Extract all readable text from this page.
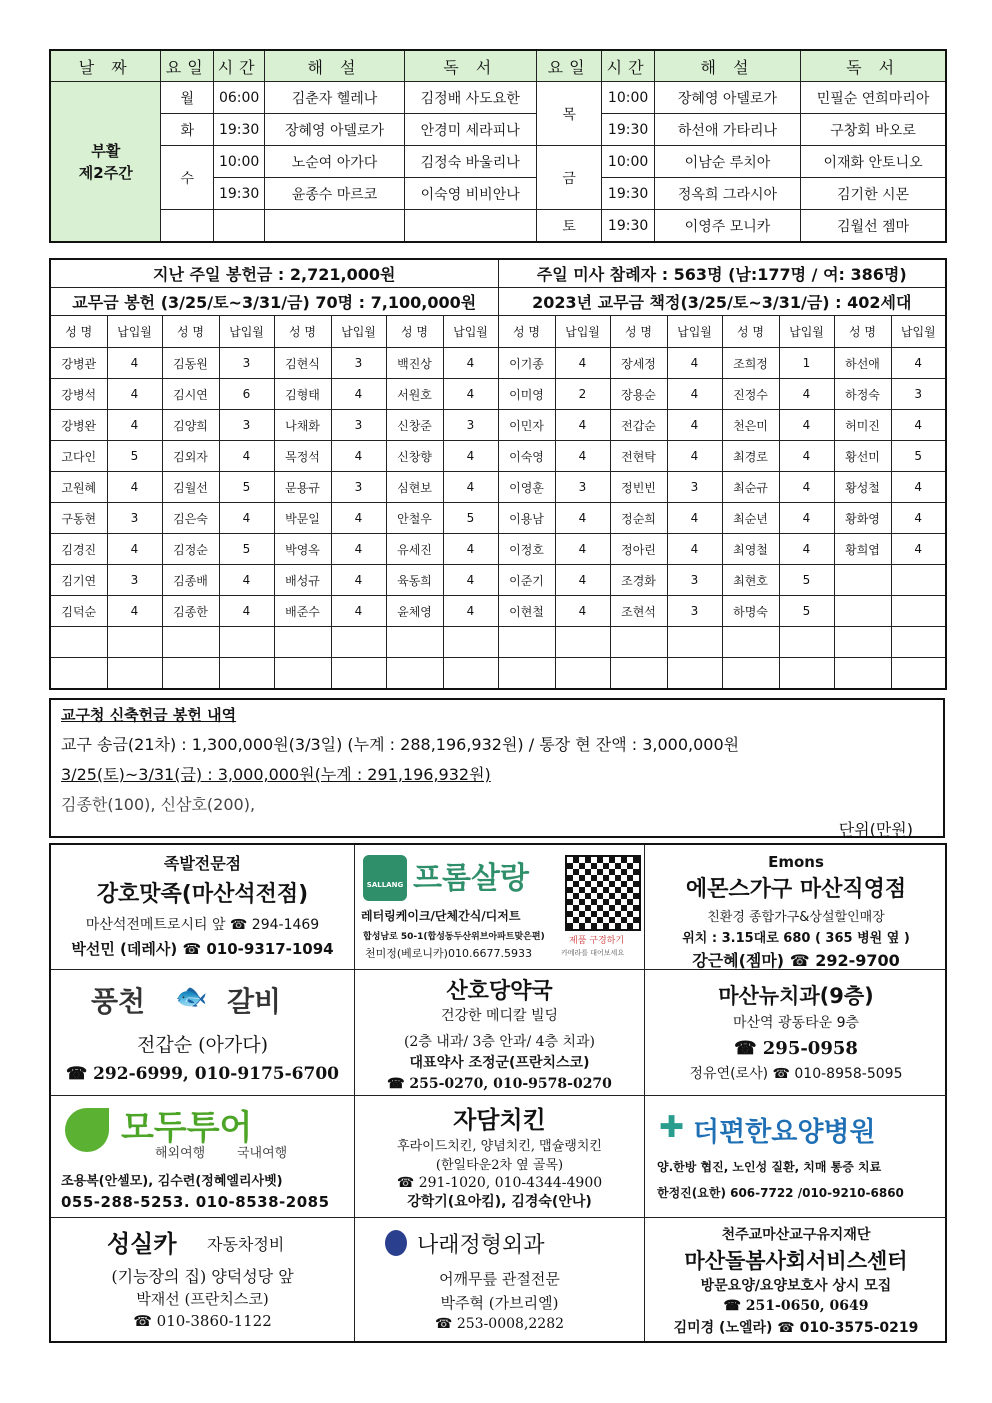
날 짜	요일	시간	해 설	독 서	요일	시간	해 설	독 서
부활
제2주간	월	06:00	김춘자 헬레나	김정배 사도요한	목	10:00	장혜영 아델로가	민필순 연희마리아
	화	19:30	장혜영 아델로가	안경미 세라피나		19:30	하선애 가타리나	구창회 바오로
	수	10:00	노순여 아가다	김정숙 바울리나	금	10:00	이남순 루치아	이재화 안토니오
		19:30	윤종수 마르코	이숙영 비비안나		19:30	정옥희 그라시아	김기한 시몬
					토	19:30	이영주 모니카	김월선 젬마
지난 주일 봉헌금 : 2,721,000원								주일 미사 참례자 : 563명 (남:177명 / 여: 386명)							
교무금 봉헌 (3/25/토~3/31/금) 70명 : 7,100,000원								2023년 교무금 책정(3/25/토~3/31/금) : 402세대							
성 명	납입월	성 명	납입월	성 명	납입월	성 명	납입월	성 명	납입월	성 명	납입월	성 명	납입월	성 명	납입월
강병관	4	김동원	3	김현식	3	백진상	4	이기종	4	장세정	4	조희정	1	하선애	4
강병석	4	김시연	6	김형태	4	서원호	4	이미영	2	장용순	4	진정수	4	하정숙	3
강병완	4	김양희	3	나채화	3	신창준	3	이민자	4	전갑순	4	천은미	4	허미진	4
고다인	5	김외자	4	목정석	4	신창향	4	이숙영	4	전현탁	4	최경로	4	황선미	5
고원혜	4	김월선	5	문용규	3	심현보	4	이영훈	3	정빈빈	3	최순규	4	황성철	4
구동현	3	김은숙	4	박문일	4	안철우	5	이용남	4	정순희	4	최순년	4	황화영	4
김경진	4	김정순	5	박영옥	4	유세진	4	이정호	4	정아린	4	최영철	4	황희엽	4
김기연	3	김종배	4	배성규	4	육동희	4	이준기	4	조경화	3	최현호	5		
김덕순	4	김종한	4	배준수	4	윤체영	4	이현철	4	조현석	3	하명숙	5		

교구청 신축헌금 봉헌 내역
교구 송금(21차) : 1,300,000원(3/3일) (누계 : 288,196,932원) / 통장 현 잔액 : 3,000,000원
3/25(토)~3/31(금) : 3,000,000원(누계 : 291,196,932원)
김종한(100), 신삼호(200),
단위(만원)
족발전문점
강호맛족(마산석전점)
마산석전메트로시티 앞 ☎ 294-1469
박선민 (데레사) ☎ 010-9317-1094
SALLANG 프롬살랑
레터링케이크/단체간식/디저트
합성남로 50-1(합성동두산위브아파트맞은편)
천미정(베로니카)010.6677.5933
제품 구경하기
카메라를 대어보세요
Emons
에몬스가구 마산직영점
친환경 종합가구&상설할인매장
위치 : 3.15대로 680 ( 365 병원 옆 )
강근혜(젬마) ☎ 292-9700
풍천 🐟 갈비
전갑순 (아가다)
☎ 292-6999, 010-9175-6700
산호당약국
건강한 메디칼 빌딩
(2층 내과/ 3층 안과/ 4층 치과)
대표약사 조정군(프란치스코)
☎ 255-0270, 010-9578-0270
마산뉴치과(9층)
마산역 광동타운 9층
☎ 295-0958
정유연(로사) ☎ 010-8958-5095
모두투어
해외여행 국내여행
조용복(안셀모), 김수련(정혜엘리사벳)
055-288-5253. 010-8538-2085
자담치킨
후라이드치킨, 양념치킨, 맵슐랭치킨
(한일타운2차 옆 골목)
☎ 291-1020, 010-4344-4900
강학기(요아킴), 김경숙(안나)
✚ 더편한요양병원
양.한방 협진, 노인성 질환, 치매 통증 치료
한정진(요한) 606-7722 /010-9210-6860
성실카 자동차정비
(기능장의 집) 양덕성당 앞
박재선 (프란치스코)
☎ 010-3860-1122
나래정형외과
어깨무릎 관절전문
박주혁 (가브리엘)
☎ 253-0008,2282
천주교마산교구유지재단
마산돌봄사회서비스센터
방문요양/요양보호사 상시 모집
☎ 251-0650, 0649
김미경 (노엘라) ☎ 010-3575-0219
